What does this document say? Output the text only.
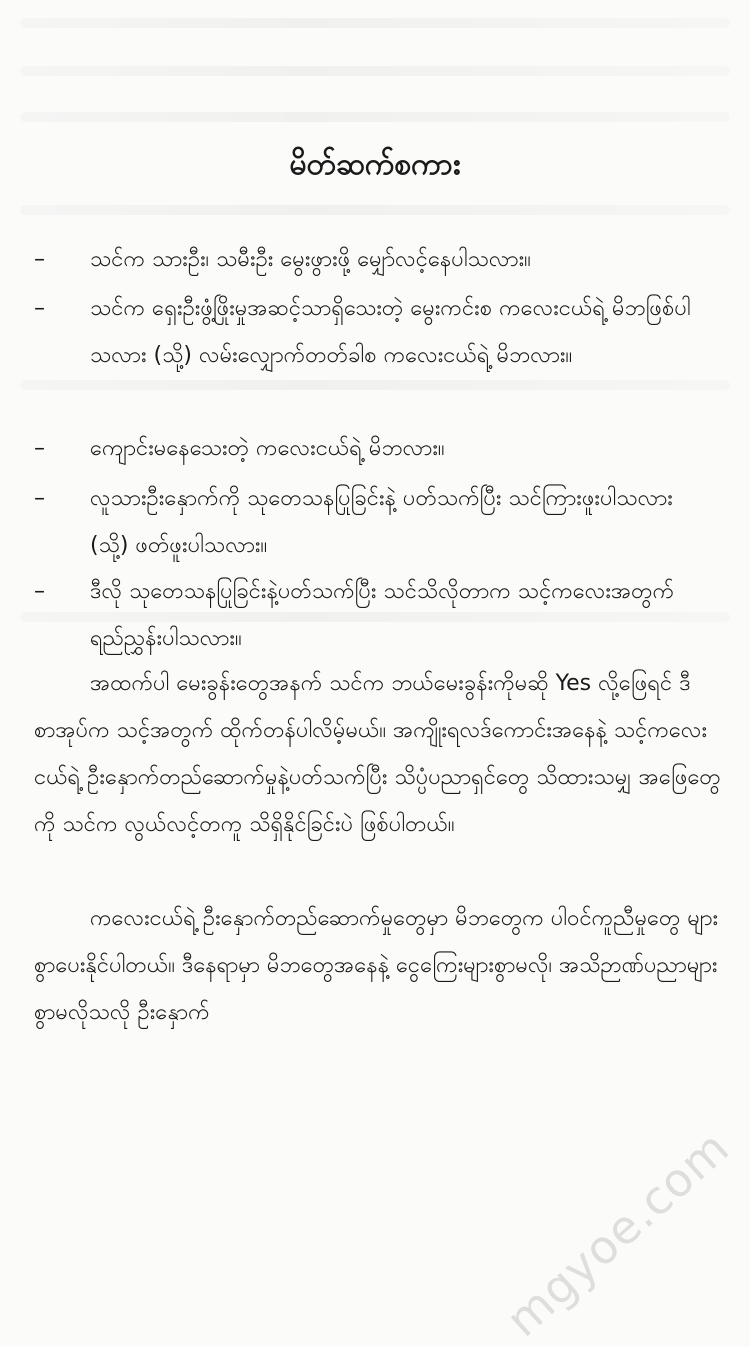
မိတ်ဆက်စကား
–	သင်က သားဦး၊ သမီးဦး မွေးဖွားဖို့ မျှော်လင့်နေပါသလား။
–	သင်က ရှေးဦးဖွံ့ဖြိုးမှုအဆင့်သာရှိသေးတဲ့ မွေးကင်းစ ကလေးငယ်ရဲ့ မိဘဖြစ်ပါသလား (သို့) လမ်းလျှောက်တတ်ခါစ ကလေးငယ်ရဲ့ မိဘလား။
–	ကျောင်းမနေသေးတဲ့ ကလေးငယ်ရဲ့ မိဘလား။
–	လူသားဦးနှောက်ကို သုတေသနပြုခြင်းနဲ့ ပတ်သက်ပြီး သင်ကြားဖူးပါသလား (သို့) ဖတ်ဖူးပါသလား။
–	ဒီလို သုတေသနပြုခြင်းနဲ့ပတ်သက်ပြီး သင်သိလိုတာက သင့်ကလေးအတွက် ရည်ညွှန်းပါသလား။
အထက်ပါ မေးခွန်းတွေအနက် သင်က ဘယ်မေးခွန်းကိုမဆို Yes လို့ဖြေရင် ဒီစာအုပ်က သင့်အတွက် ထိုက်တန်ပါလိမ့်မယ်။ အကျိုးရလဒ်ကောင်းအနေနဲ့ သင့်ကလေးငယ်ရဲ့ ဦးနှောက်တည်ဆောက်မှုနဲ့ပတ်သက်ပြီး သိပ္ပံပညာရှင်တွေ သိထားသမျှ အဖြေတွေကို သင်က လွယ်လင့်တကူ သိရှိနိုင်ခြင်းပဲ ဖြစ်ပါတယ်။
ကလေးငယ်ရဲ့ ဦးနှောက်တည်ဆောက်မှုတွေမှာ မိဘတွေက ပါဝင်ကူညီမှုတွေ များစွာပေးနိုင်ပါတယ်။ ဒီနေရာမှာ မိဘတွေအနေနဲ့ ငွေကြေးများစွာမလို၊ အသိဉာဏ်ပညာများစွာမလိုသလို ဦးနှောက်
mgyoe.com
